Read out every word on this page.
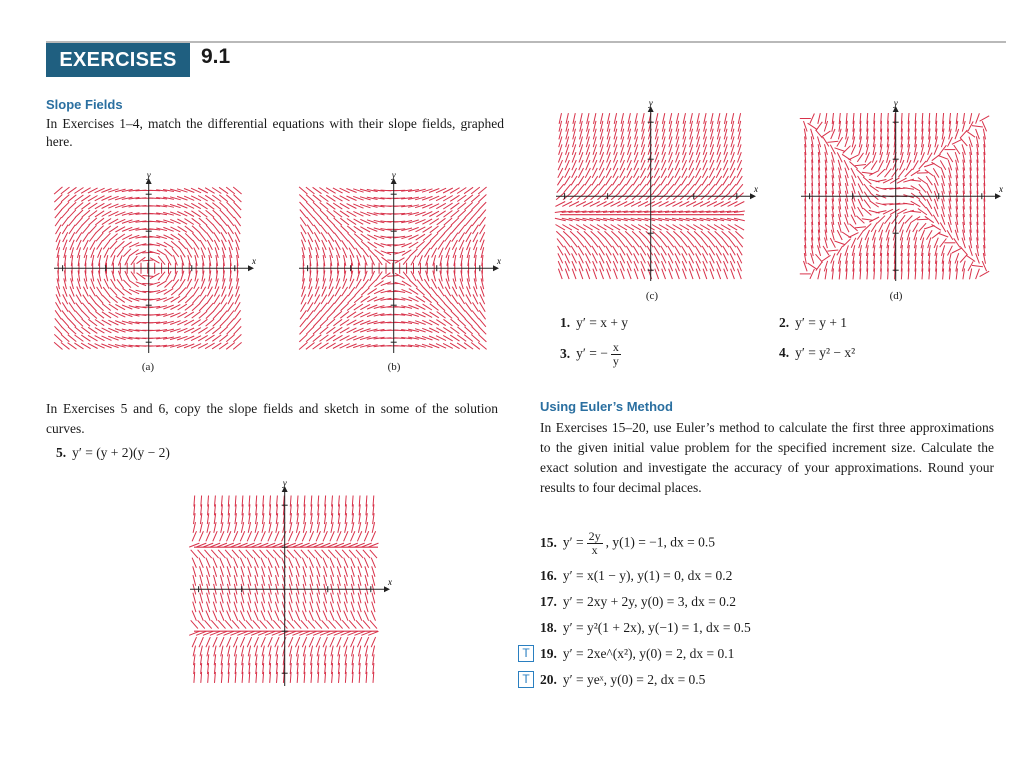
EXERCISES	9.1
Slope Fields
In Exercises 1–4, match the differential equations with their slope fields, graphed here.
x
y
(a)
x
y
(b)
x
y
(c)
x
y
(d)
1. y′ = x + y	2. y′ = y + 1
3. y′ = − $\frac{x}{y}$	4. y′ = y² − x²
In Exercises 5 and 6, copy the slope fields and sketch in some of the solution curves.
5. y′ = (y + 2)(y − 2)
x
y
Using Euler’s Method
In Exercises 15–20, use Euler’s method to calculate the first three approximations to the given initial value problem for the specified increment size. Calculate the exact solution and investigate the accuracy of your approximations. Round your results to four decimal places.
15. $y' = \frac{2y}{x}$ , y(1) = −1, dx = 0.5
16. y′ = x(1 − y), y(1) = 0, dx = 0.2
17. y′ = 2xy + 2y, y(0) = 3, dx = 0.2
18. y′ = y²(1 + 2x), y(−1) = 1, dx = 0.5
T 19. y′ = 2xe^(x²), y(0) = 2, dx = 0.1
T 20. y′ = yeˣ, y(0) = 2, dx = 0.5
